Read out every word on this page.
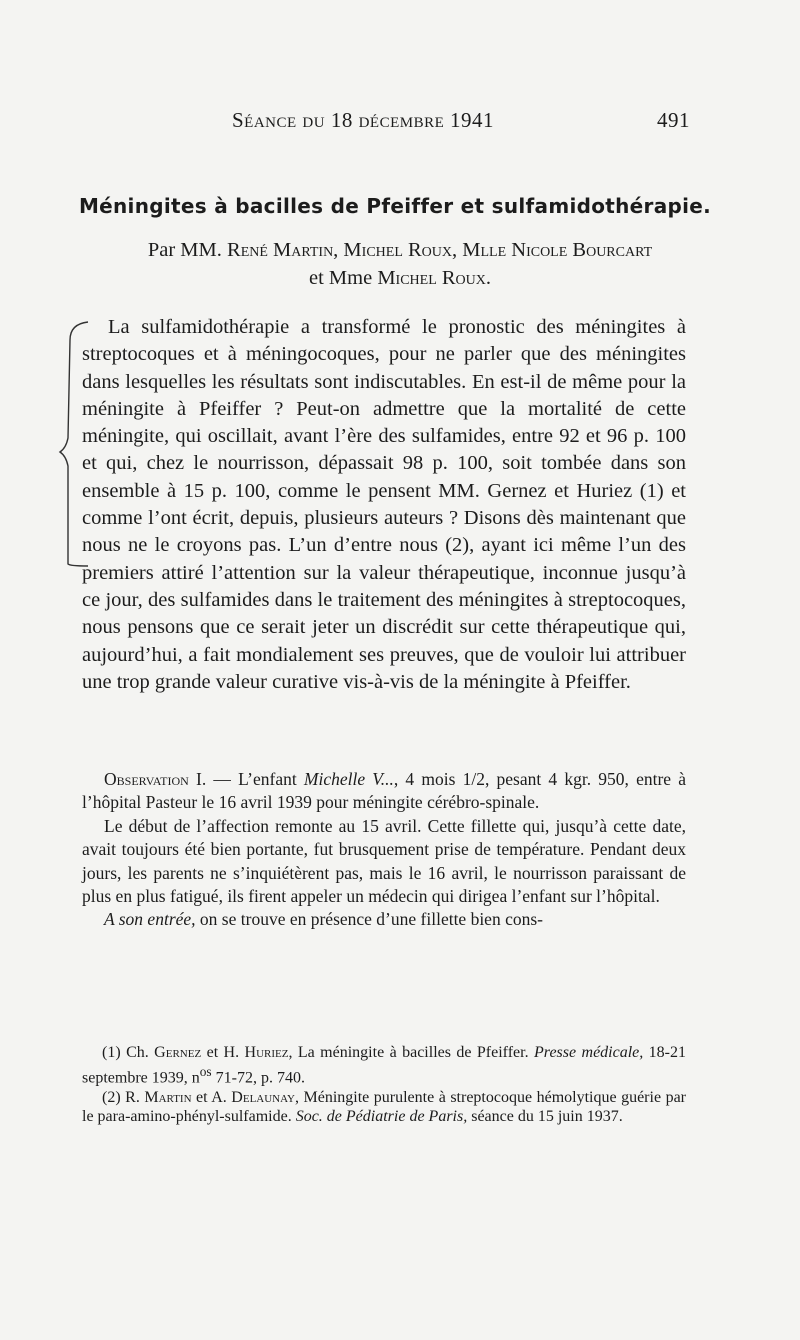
Séance du 18 décembre 1941	491
Méningites à bacilles de Pfeiffer et sulfamidothérapie.
Par MM. René Martin, Michel Roux, Mlle Nicole Bourcart
et Mme Michel Roux.

La sulfamidothérapie a transformé le pronostic des méningites à streptocoques et à méningocoques, pour ne parler que des méningites dans lesquelles les résultats sont indiscutables. En est-il de même pour la méningite à Pfeiffer ? Peut-on admettre que la mortalité de cette méningite, qui oscillait, avant l’ère des sulfamides, entre 92 et 96 p. 100 et qui, chez le nourrisson, dépassait 98 p. 100, soit tombée dans son ensemble à 15 p. 100, comme le pensent MM. Gernez et Huriez (1) et comme l’ont écrit, depuis, plusieurs auteurs ? Disons dès maintenant que nous ne le croyons pas. L’un d’entre nous (2), ayant ici même l’un des premiers attiré l’attention sur la valeur thérapeutique, inconnue jusqu’à ce jour, des sulfamides dans le traitement des méningites à streptocoques, nous pensons que ce serait jeter un discrédit sur cette thérapeutique qui, aujourd’hui, a fait mondialement ses preuves, que de vouloir lui attribuer une trop grande valeur curative vis-à-vis de la méningite à Pfeiffer.

Observation I. — L’enfant Michelle V..., 4 mois 1/2, pesant 4 kgr. 950, entre à l’hôpital Pasteur le 16 avril 1939 pour méningite cérébro-spinale.

Le début de l’affection remonte au 15 avril. Cette fillette qui, jusqu’à cette date, avait toujours été bien portante, fut brusquement prise de température. Pendant deux jours, les parents ne s’inquiétèrent pas, mais le 16 avril, le nourrisson paraissant de plus en plus fatigué, ils firent appeler un médecin qui dirigea l’enfant sur l’hôpital.

A son entrée, on se trouve en présence d’une fillette bien cons-

(1) Ch. Gernez et H. Huriez, La méningite à bacilles de Pfeiffer. Presse médicale, 18-21 septembre 1939, $n^{os}$ 71-72, p. 740.

(2) R. Martin et A. Delaunay, Méningite purulente à streptocoque hémolytique guérie par le para-amino-phényl-sulfamide. Soc. de Pédiatrie de Paris, séance du 15 juin 1937.
